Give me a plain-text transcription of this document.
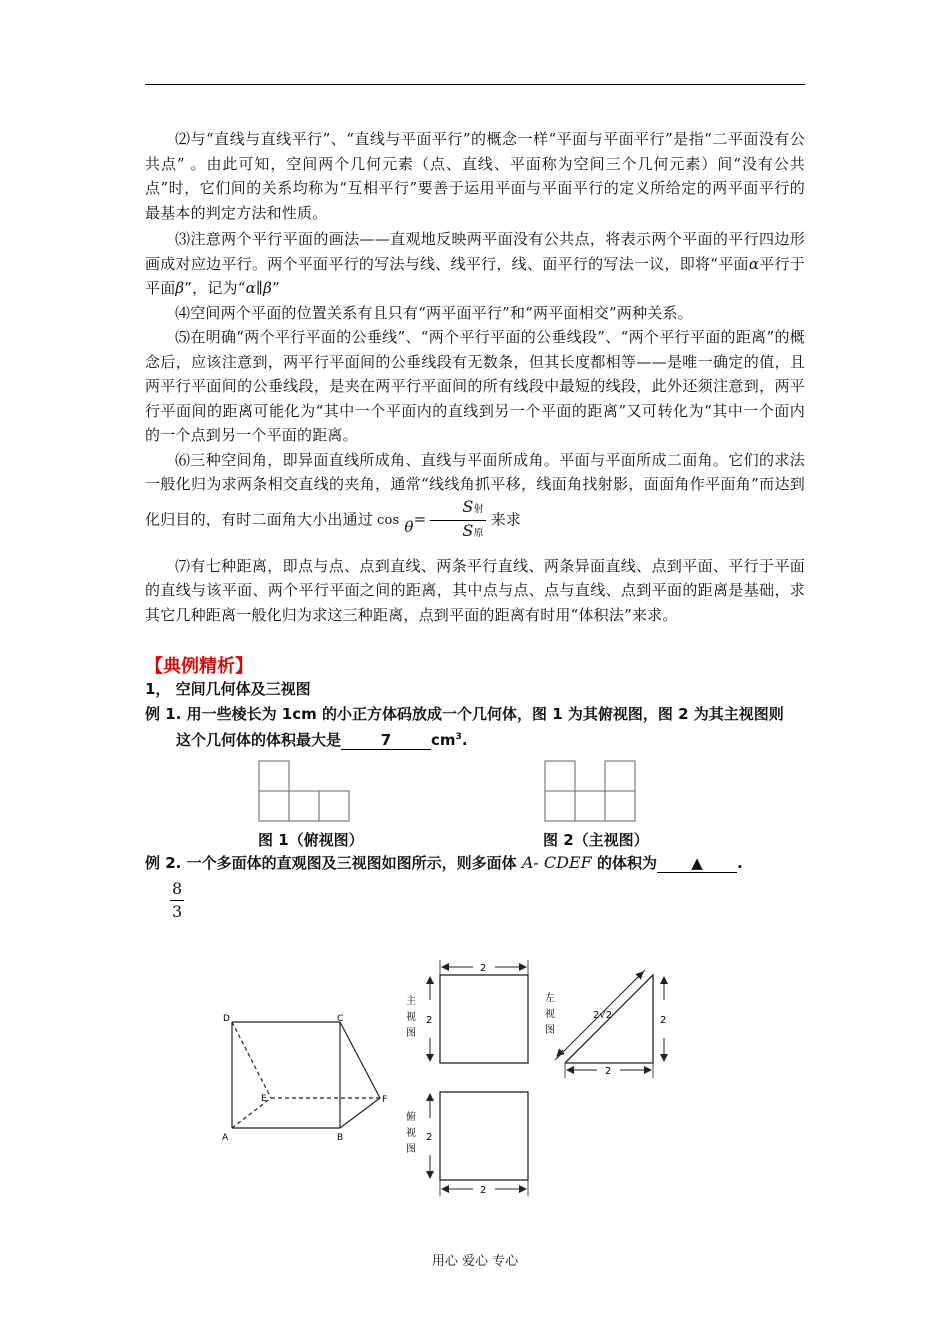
⑵与“直线与直线平行”、“直线与平面平行”的概念一样“平面与平面平行”是指“二平面没有公共点” 。由此可知，空间两个几何元素（点、直线、平面称为空间三个几何元素）间“没有公共点”时，它们间的关系均称为“互相平行”要善于运用平面与平面平行的定义所给定的两平面平行的最基本的判定方法和性质。

⑶注意两个平行平面的画法——直观地反映两平面没有公共点，将表示两个平面的平行四边形画成对应边平行。两个平面平行的写法与线、线平行，线、面平行的写法一议，即将“平面α平行于平面β”，记为“α∥β”

⑷空间两个平面的位置关系有且只有“两平面平行”和“两平面相交”两种关系。

⑸在明确“两个平行平面的公垂线”、“两个平行平面的公垂线段”、“两个平行平面的距离”的概念后，应该注意到，两平行平面间的公垂线段有无数条，但其长度都相等——是唯一确定的值，且两平行平面间的公垂线段，是夹在两平行平面间的所有线段中最短的线段，此外还须注意到，两平行平面间的距离可能化为“其中一个平面内的直线到另一个平面的距离”又可转化为“其中一个面内的一个点到另一个平面的距离。

⑹三种空间角，即异面直线所成角、直线与平面所成角。平面与平面所成二面角。它们的求法一般化归为求两条相交直线的夹角，通常“线线角抓平移，线面角找射影，面面角作平面角”而达到化归目的，有时二面角大小出通过 $\cos \theta= \frac{\text{S射}}{\text{S原}}$ 来求

⑺有七种距离，即点与点、点到直线、两条平行直线、两条异面直线、点到平面、平行于平面的直线与该平面、两个平行平面之间的距离，其中点与点、点与直线、点到平面的距离是基础，求其它几种距离一般化归为求这三种距离，点到平面的距离有时用“体积法”来求。

【典例精析】
1， 空间几何体及三视图
例 1. 用一些棱长为 1cm 的小正方体码放成一个几何体，图 1 为其俯视图，图 2 为其主视图则
这个几何体的体积最大是	7	$cm^3$.
图 1（俯视图）	图 2（主视图）
例 2. 一个多面体的直观图及三视图如图所示，则多面体 A- CDEF 的体积为 ▲ .
8
3
D	C
E	F
A	B
2
2
主
视
图
2√2	2
2
左
视
图
2
2
俯
视
图
用心 爱心 专心
